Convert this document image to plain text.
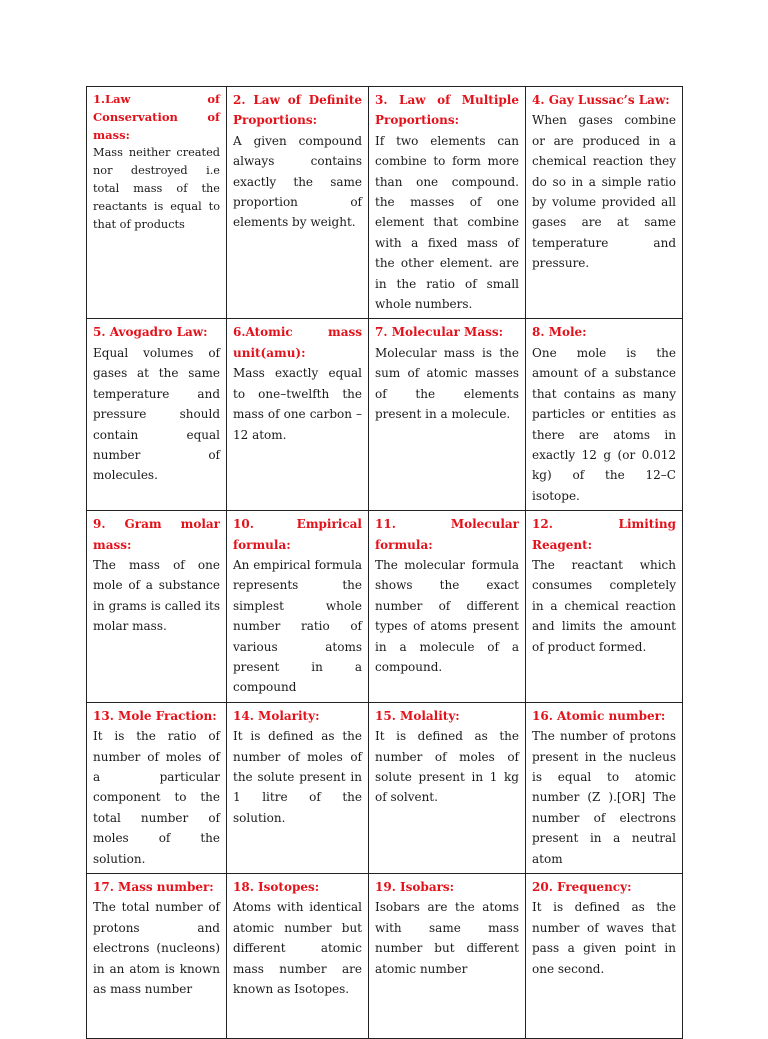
1.Law of Conservation of mass:
Mass neither created nor destroyed i.e total mass of the reactants is equal to that of products	2. Law of Definite Proportions:
A given compound always contains exactly the same proportion of elements by weight.	3. Law of Multiple Proportions:
If two elements can combine to form more than one compound. the masses of one element that combine with a fixed mass of the other element. are in the ratio of small whole numbers.	4. Gay Lussac’s Law:
When gases combine or are produced in a chemical reaction they do so in a simple ratio by volume provided all gases are at same temperature and pressure.

5. Avogadro Law:
Equal volumes of gases at the same temperature and pressure should contain equal number of molecules.	6.Atomic mass unit(amu):
Mass exactly equal to one–twelfth the mass of one carbon – 12 atom.	7. Molecular Mass:
Molecular mass is the sum of atomic masses of the elements present in a molecule.	8. Mole:
One mole is the amount of a substance that contains as many particles or entities as there are atoms in exactly 12 g (or 0.012 kg) of the 12–C isotope.

9. Gram molar mass:
The mass of one mole of a substance in grams is called its molar mass.	10. Empirical formula:
An empirical formula represents the simplest whole number ratio of various atoms present in a compound	11. Molecular formula:
The molecular formula shows the exact number of different types of atoms present in a molecule of a compound.	12. Limiting Reagent:
The reactant which consumes completely in a chemical reaction and limits the amount of product formed.

13. Mole Fraction:
It is the ratio of number of moles of a particular component to the total number of moles of the solution.	14. Molarity:
It is defined as the number of moles of the solute present in 1 litre of the solution.	15. Molality:
It is defined as the number of moles of solute present in 1 kg of solvent.	16. Atomic number:
The number of protons present in the nucleus is equal to atomic number (Z ).[OR] The number of electrons present in a neutral atom

17. Mass number:
The total number of protons and electrons (nucleons) in an atom is known as mass number	18. Isotopes:
Atoms with identical atomic number but different atomic mass number are known as Isotopes.	19. Isobars:
Isobars are the atoms with same mass number but different atomic number	20. Frequency:
It is defined as the number of waves that pass a given point in one second.
